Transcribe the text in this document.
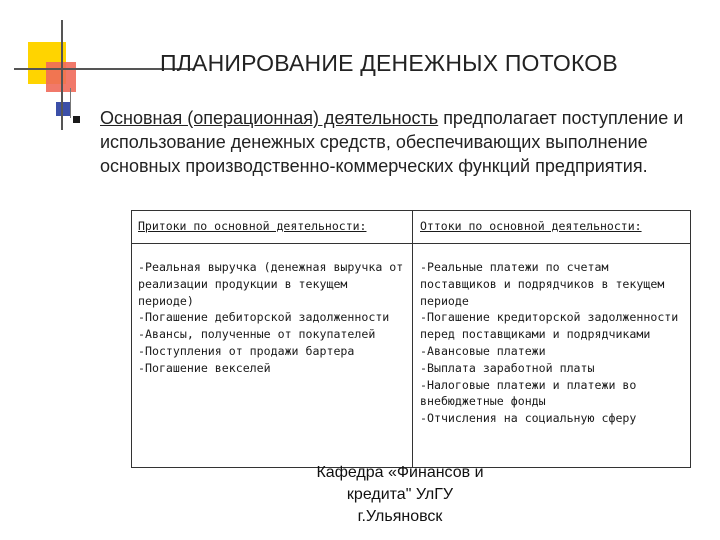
ПЛАНИРОВАНИЕ ДЕНЕЖНЫХ ПОТОКОВ
Основная (операционная) деятельность предполагает поступление и использование денежных средств, обеспечивающих выполнение основных производственно-коммерческих функций предприятия.
Притоки по основной деятельности:	Оттоки по основной деятельности:
-Реальная выручка (денежная выручка от реализации продукции в текущем периоде)
-Погашение дебиторской задолженности
-Авансы, полученные от покупателей
-Поступления от продажи бартера
-Погашение векселей
-Реальные платежи по счетам поставщиков и подрядчиков в текущем периоде
-Погашение кредиторской задолженности перед поставщиками и подрядчиками
-Авансовые платежи
-Выплата заработной платы
-Налоговые платежи и платежи во внебюджетные фонды
-Отчисления на социальную сферу
Кафедра «Финансов и
кредита" УлГУ
г.Ульяновск
